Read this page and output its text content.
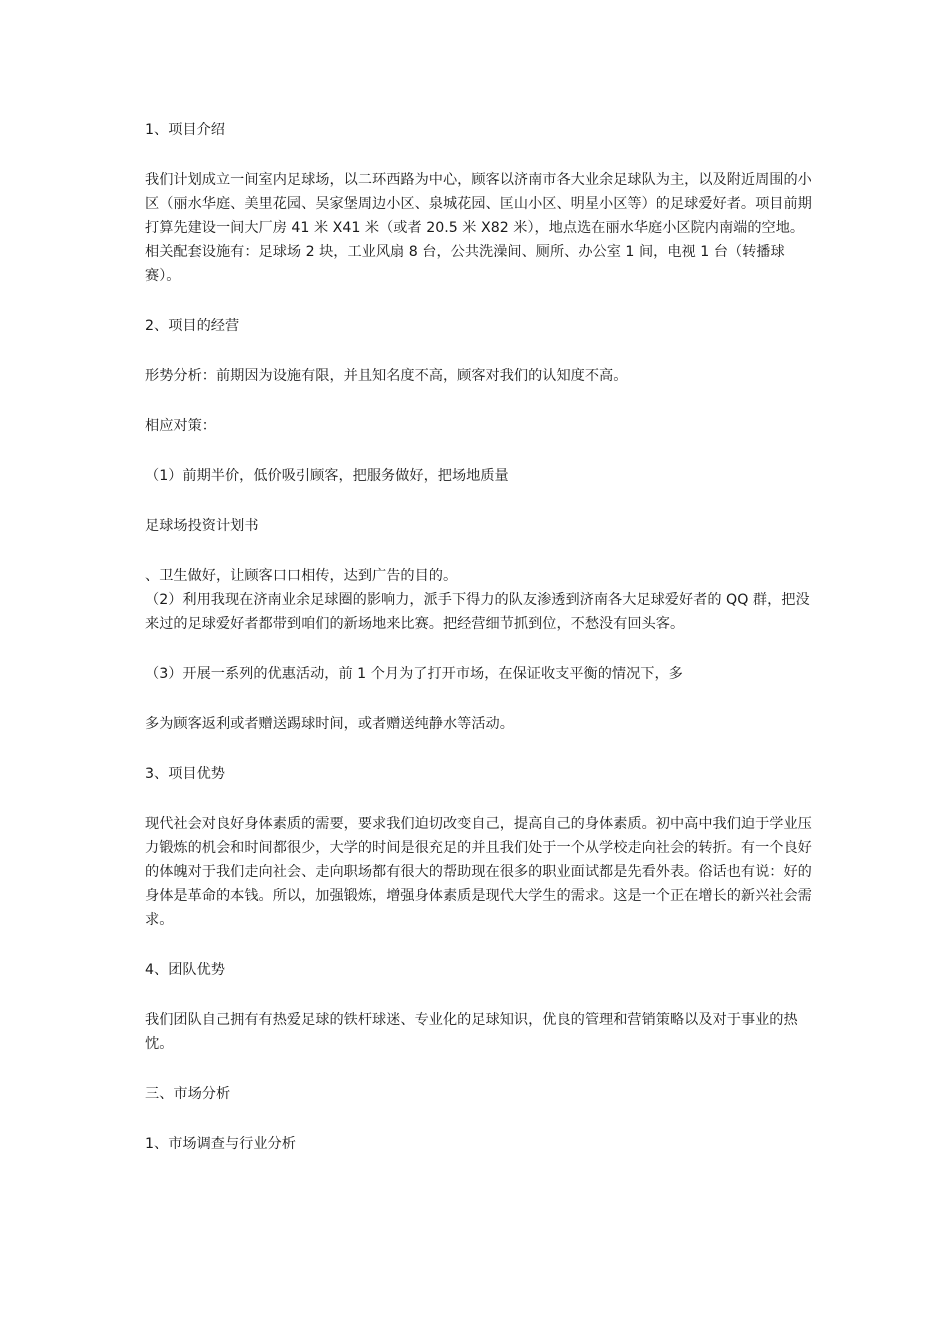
1、项目介绍

我们计划成立一间室内足球场，以二环西路为中心，顾客以济南市各大业余足球队为主，以及附近周围的小区（丽水华庭、美里花园、吴家堡周边小区、泉城花园、匡山小区、明星小区等）的足球爱好者。项目前期打算先建设一间大厂房 41 米 X41 米（或者 20.5 米 X82 米），地点选在丽水华庭小区院内南端的空地。相关配套设施有：足球场 2 块，工业风扇 8 台，公共洗澡间、厕所、办公室 1 间，电视 1 台（转播球赛）。

2、项目的经营

形势分析：前期因为设施有限，并且知名度不高，顾客对我们的认知度不高。

相应对策：

（1）前期半价，低价吸引顾客，把服务做好，把场地质量

足球场投资计划书

、卫生做好，让顾客口口相传，达到广告的目的。

（2）利用我现在济南业余足球圈的影响力，派手下得力的队友渗透到济南各大足球爱好者的 QQ 群，把没来过的足球爱好者都带到咱们的新场地来比赛。把经营细节抓到位，不愁没有回头客。

（3）开展一系列的优惠活动，前 1 个月为了打开市场，在保证收支平衡的情况下，多

多为顾客返利或者赠送踢球时间，或者赠送纯静水等活动。

3、项目优势

现代社会对良好身体素质的需要，要求我们迫切改变自己，提高自己的身体素质。初中高中我们迫于学业压力锻炼的机会和时间都很少，大学的时间是很充足的并且我们处于一个从学校走向社会的转折。有一个良好的体魄对于我们走向社会、走向职场都有很大的帮助现在很多的职业面试都是先看外表。俗话也有说：好的身体是革命的本钱。所以，加强锻炼，增强身体素质是现代大学生的需求。这是一个正在增长的新兴社会需求。

4、团队优势

我们团队自己拥有有热爱足球的铁杆球迷、专业化的足球知识，优良的管理和营销策略以及对于事业的热忱。

三、市场分析

1、市场调查与行业分析
